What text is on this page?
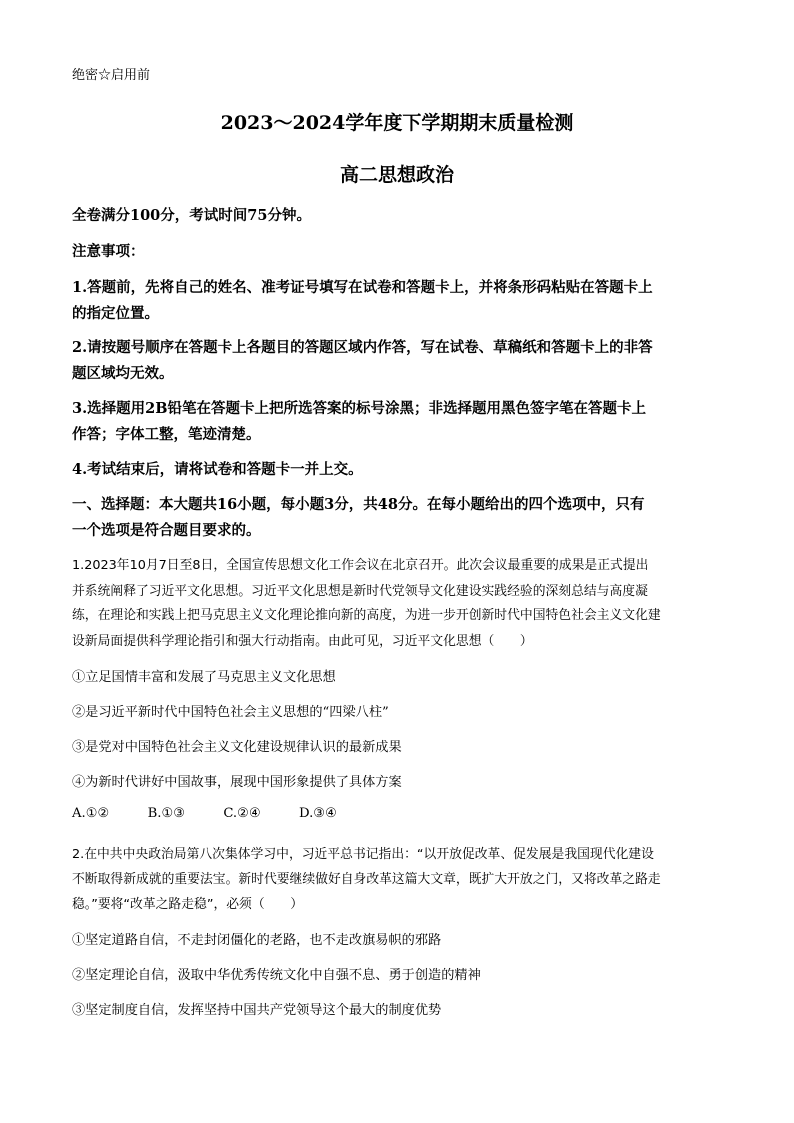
绝密☆启用前
2023～2024学年度下学期期末质量检测
高二思想政治
全卷满分100分，考试时间75分钟。
注意事项：
1.答题前，先将自己的姓名、准考证号填写在试卷和答题卡上，并将条形码粘贴在答题卡上
的指定位置。
2.请按题号顺序在答题卡上各题目的答题区域内作答，写在试卷、草稿纸和答题卡上的非答
题区域均无效。
3.选择题用2B铅笔在答题卡上把所选答案的标号涂黑；非选择题用黑色签字笔在答题卡上
作答；字体工整，笔迹清楚。
4.考试结束后，请将试卷和答题卡一并上交。
一、选择题：本大题共16小题，每小题3分，共48分。在每小题给出的四个选项中，只有
一个选项是符合题目要求的。
1.2023年10月7日至8日，全国宣传思想文化工作会议在北京召开。此次会议最重要的成果是正式提出
并系统阐释了习近平文化思想。习近平文化思想是新时代党领导文化建设实践经验的深刻总结与高度凝
练，在理论和实践上把马克思主义文化理论推向新的高度，为进一步开创新时代中国特色社会主义文化建
设新局面提供科学理论指引和强大行动指南。由此可见，习近平文化思想（　　）
①立足国情丰富和发展了马克思主义文化思想
②是习近平新时代中国特色社会主义思想的“四梁八柱”
③是党对中国特色社会主义文化建设规律认识的最新成果
④为新时代讲好中国故事，展现中国形象提供了具体方案
A.①②	B.①③	C.②④	D.③④
2.在中共中央政治局第八次集体学习中，习近平总书记指出：“以开放促改革、促发展是我国现代化建设
不断取得新成就的重要法宝。新时代要继续做好自身改革这篇大文章，既扩大开放之门，又将改革之路走
稳。”要将“改革之路走稳”，必须（　　）
①坚定道路自信，不走封闭僵化的老路，也不走改旗易帜的邪路
②坚定理论自信，汲取中华优秀传统文化中自强不息、勇于创造的精神
③坚定制度自信，发挥坚持中国共产党领导这个最大的制度优势
